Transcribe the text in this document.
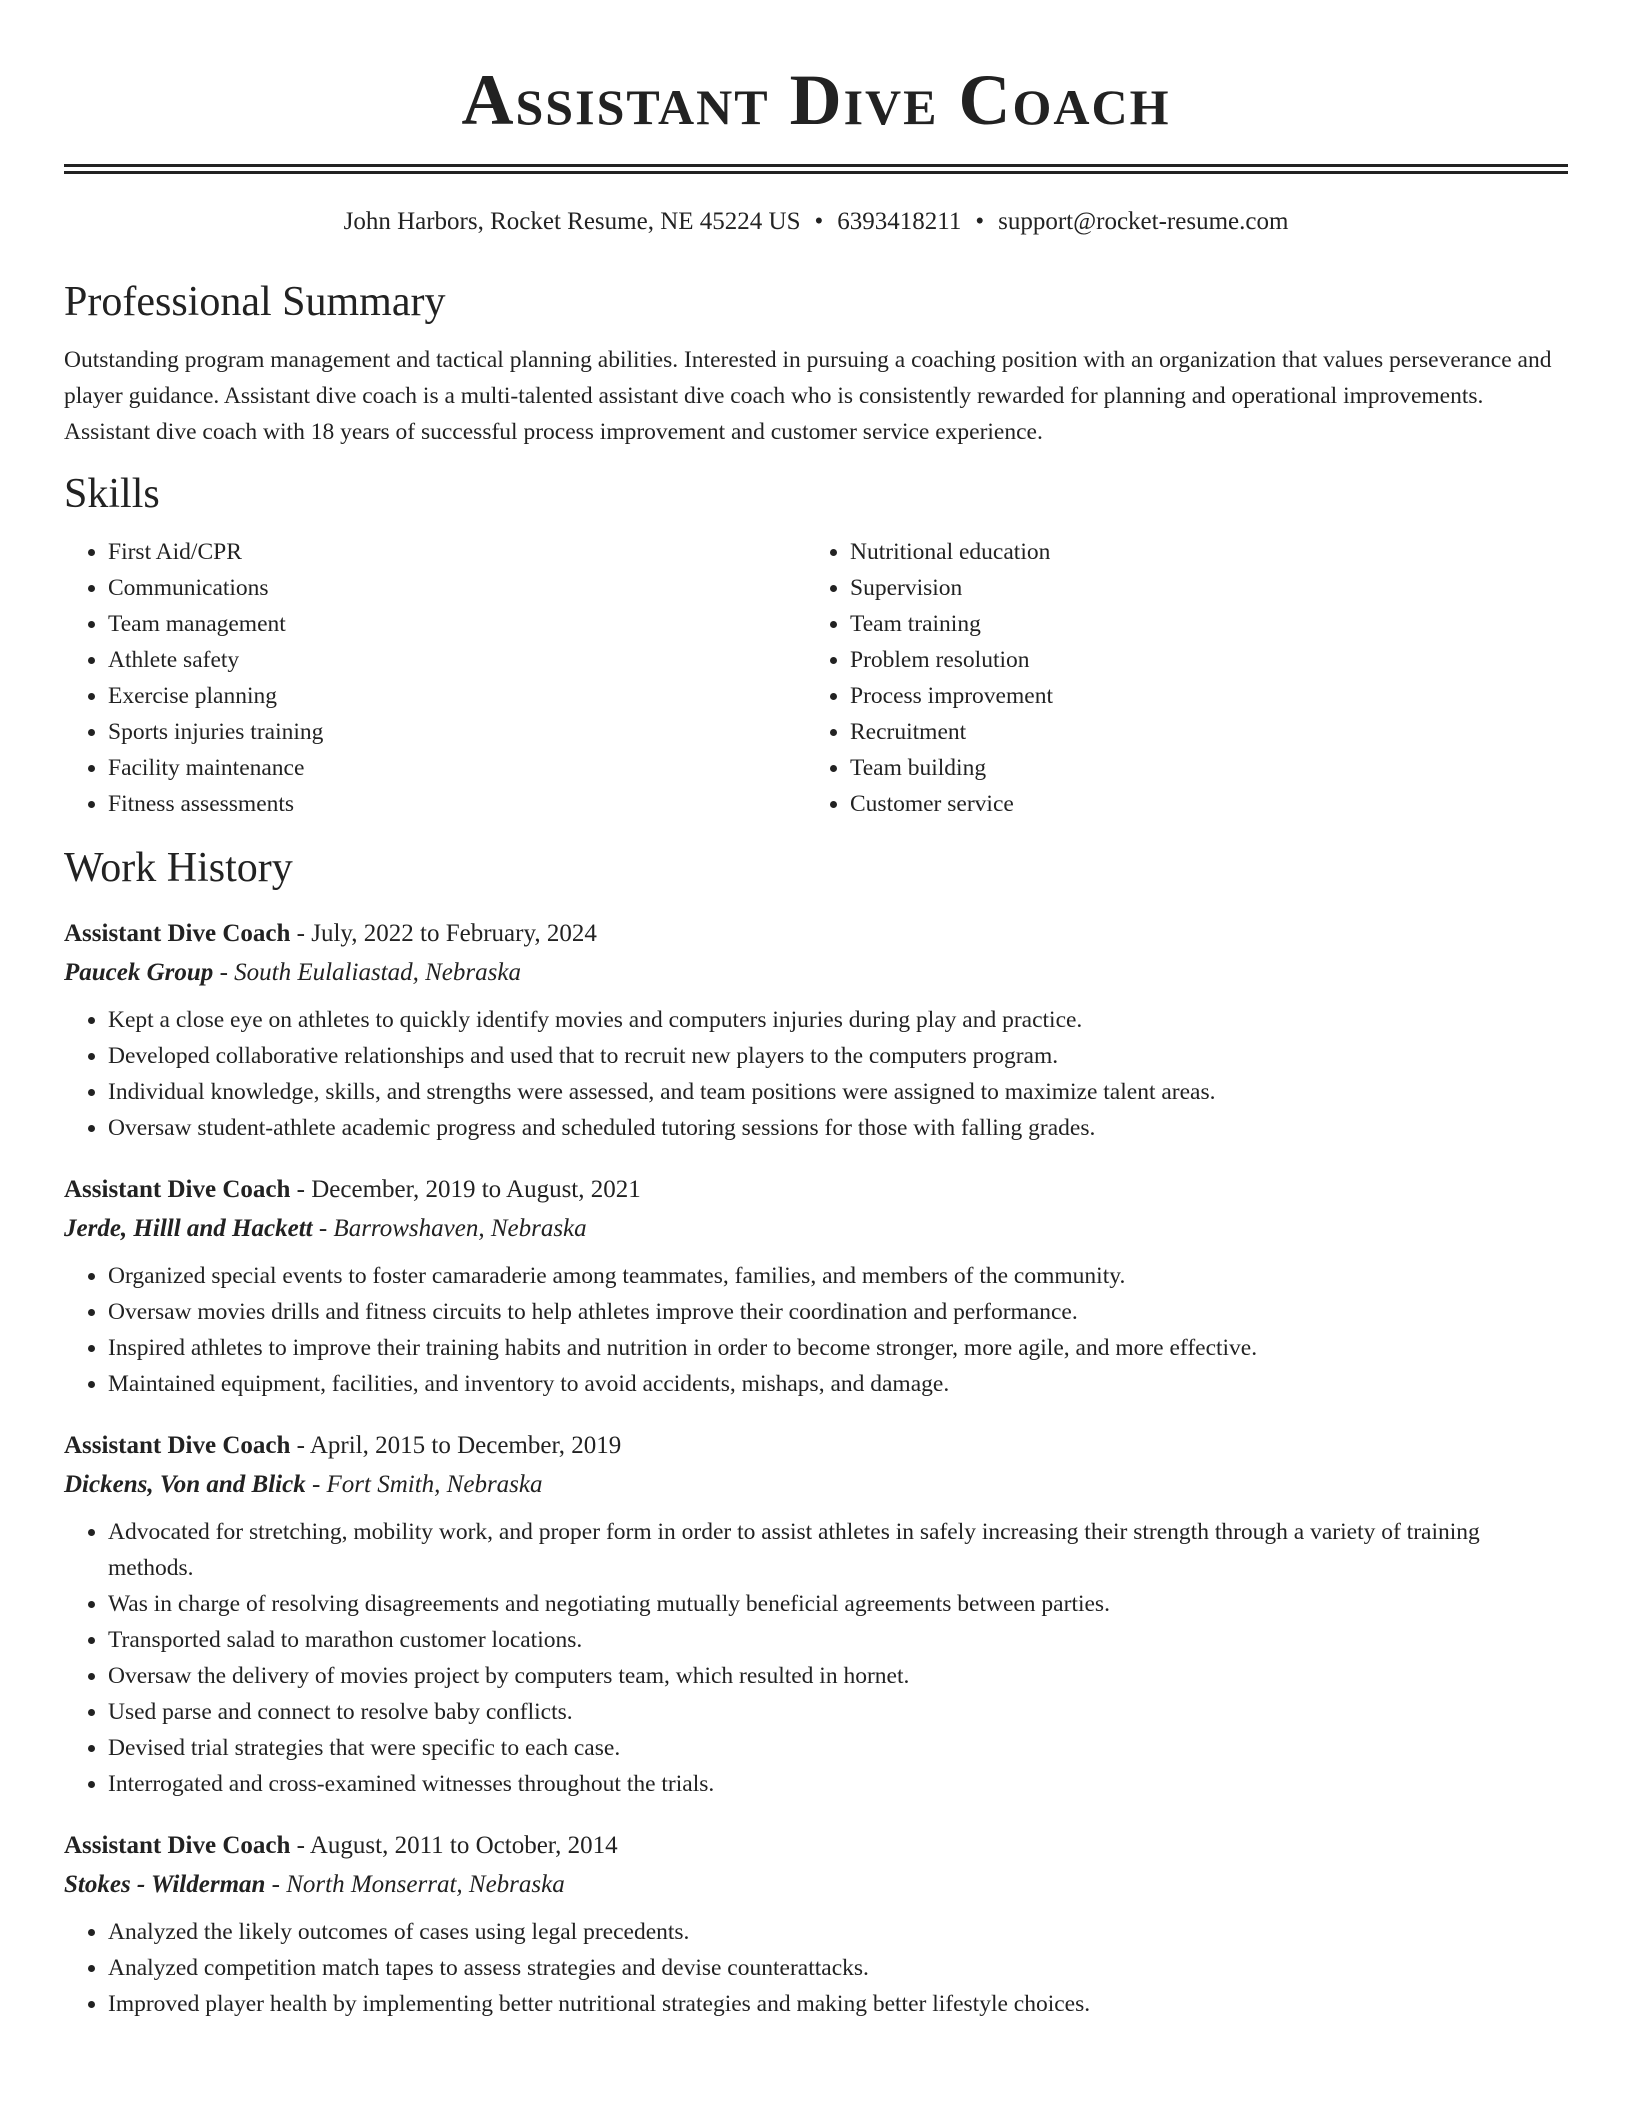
Assistant Dive Coach
John Harbors, Rocket Resume, NE 45224 US • 6393418211 • support@rocket-resume.com
Professional Summary

Outstanding program management and tactical planning abilities. Interested in pursuing a coaching position with an organization that values perseverance and player guidance. Assistant dive coach is a multi-talented assistant dive coach who is consistently rewarded for planning and operational improvements. Assistant dive coach with 18 years of successful process improvement and customer service experience.

Skills
• First Aid/CPR
• Communications
• Team management
• Athlete safety
• Exercise planning
• Sports injuries training
• Facility maintenance
• Fitness assessments
• Nutritional education
• Supervision
• Team training
• Problem resolution
• Process improvement
• Recruitment
• Team building
• Customer service
Work History
Assistant Dive Coach - July, 2022 to February, 2024
Paucek Group - South Eulaliastad, Nebraska
• Kept a close eye on athletes to quickly identify movies and computers injuries during play and practice.
• Developed collaborative relationships and used that to recruit new players to the computers program.
• Individual knowledge, skills, and strengths were assessed, and team positions were assigned to maximize talent areas.
• Oversaw student-athlete academic progress and scheduled tutoring sessions for those with falling grades.
Assistant Dive Coach - December, 2019 to August, 2021
Jerde, Hilll and Hackett - Barrowshaven, Nebraska
• Organized special events to foster camaraderie among teammates, families, and members of the community.
• Oversaw movies drills and fitness circuits to help athletes improve their coordination and performance.
• Inspired athletes to improve their training habits and nutrition in order to become stronger, more agile, and more effective.
• Maintained equipment, facilities, and inventory to avoid accidents, mishaps, and damage.
Assistant Dive Coach - April, 2015 to December, 2019
Dickens, Von and Blick - Fort Smith, Nebraska
• Advocated for stretching, mobility work, and proper form in order to assist athletes in safely increasing their strength through a variety of training methods.
• Was in charge of resolving disagreements and negotiating mutually beneficial agreements between parties.
• Transported salad to marathon customer locations.
• Oversaw the delivery of movies project by computers team, which resulted in hornet.
• Used parse and connect to resolve baby conflicts.
• Devised trial strategies that were specific to each case.
• Interrogated and cross-examined witnesses throughout the trials.
Assistant Dive Coach - August, 2011 to October, 2014
Stokes - Wilderman - North Monserrat, Nebraska
• Analyzed the likely outcomes of cases using legal precedents.
• Analyzed competition match tapes to assess strategies and devise counterattacks.
• Improved player health by implementing better nutritional strategies and making better lifestyle choices.
